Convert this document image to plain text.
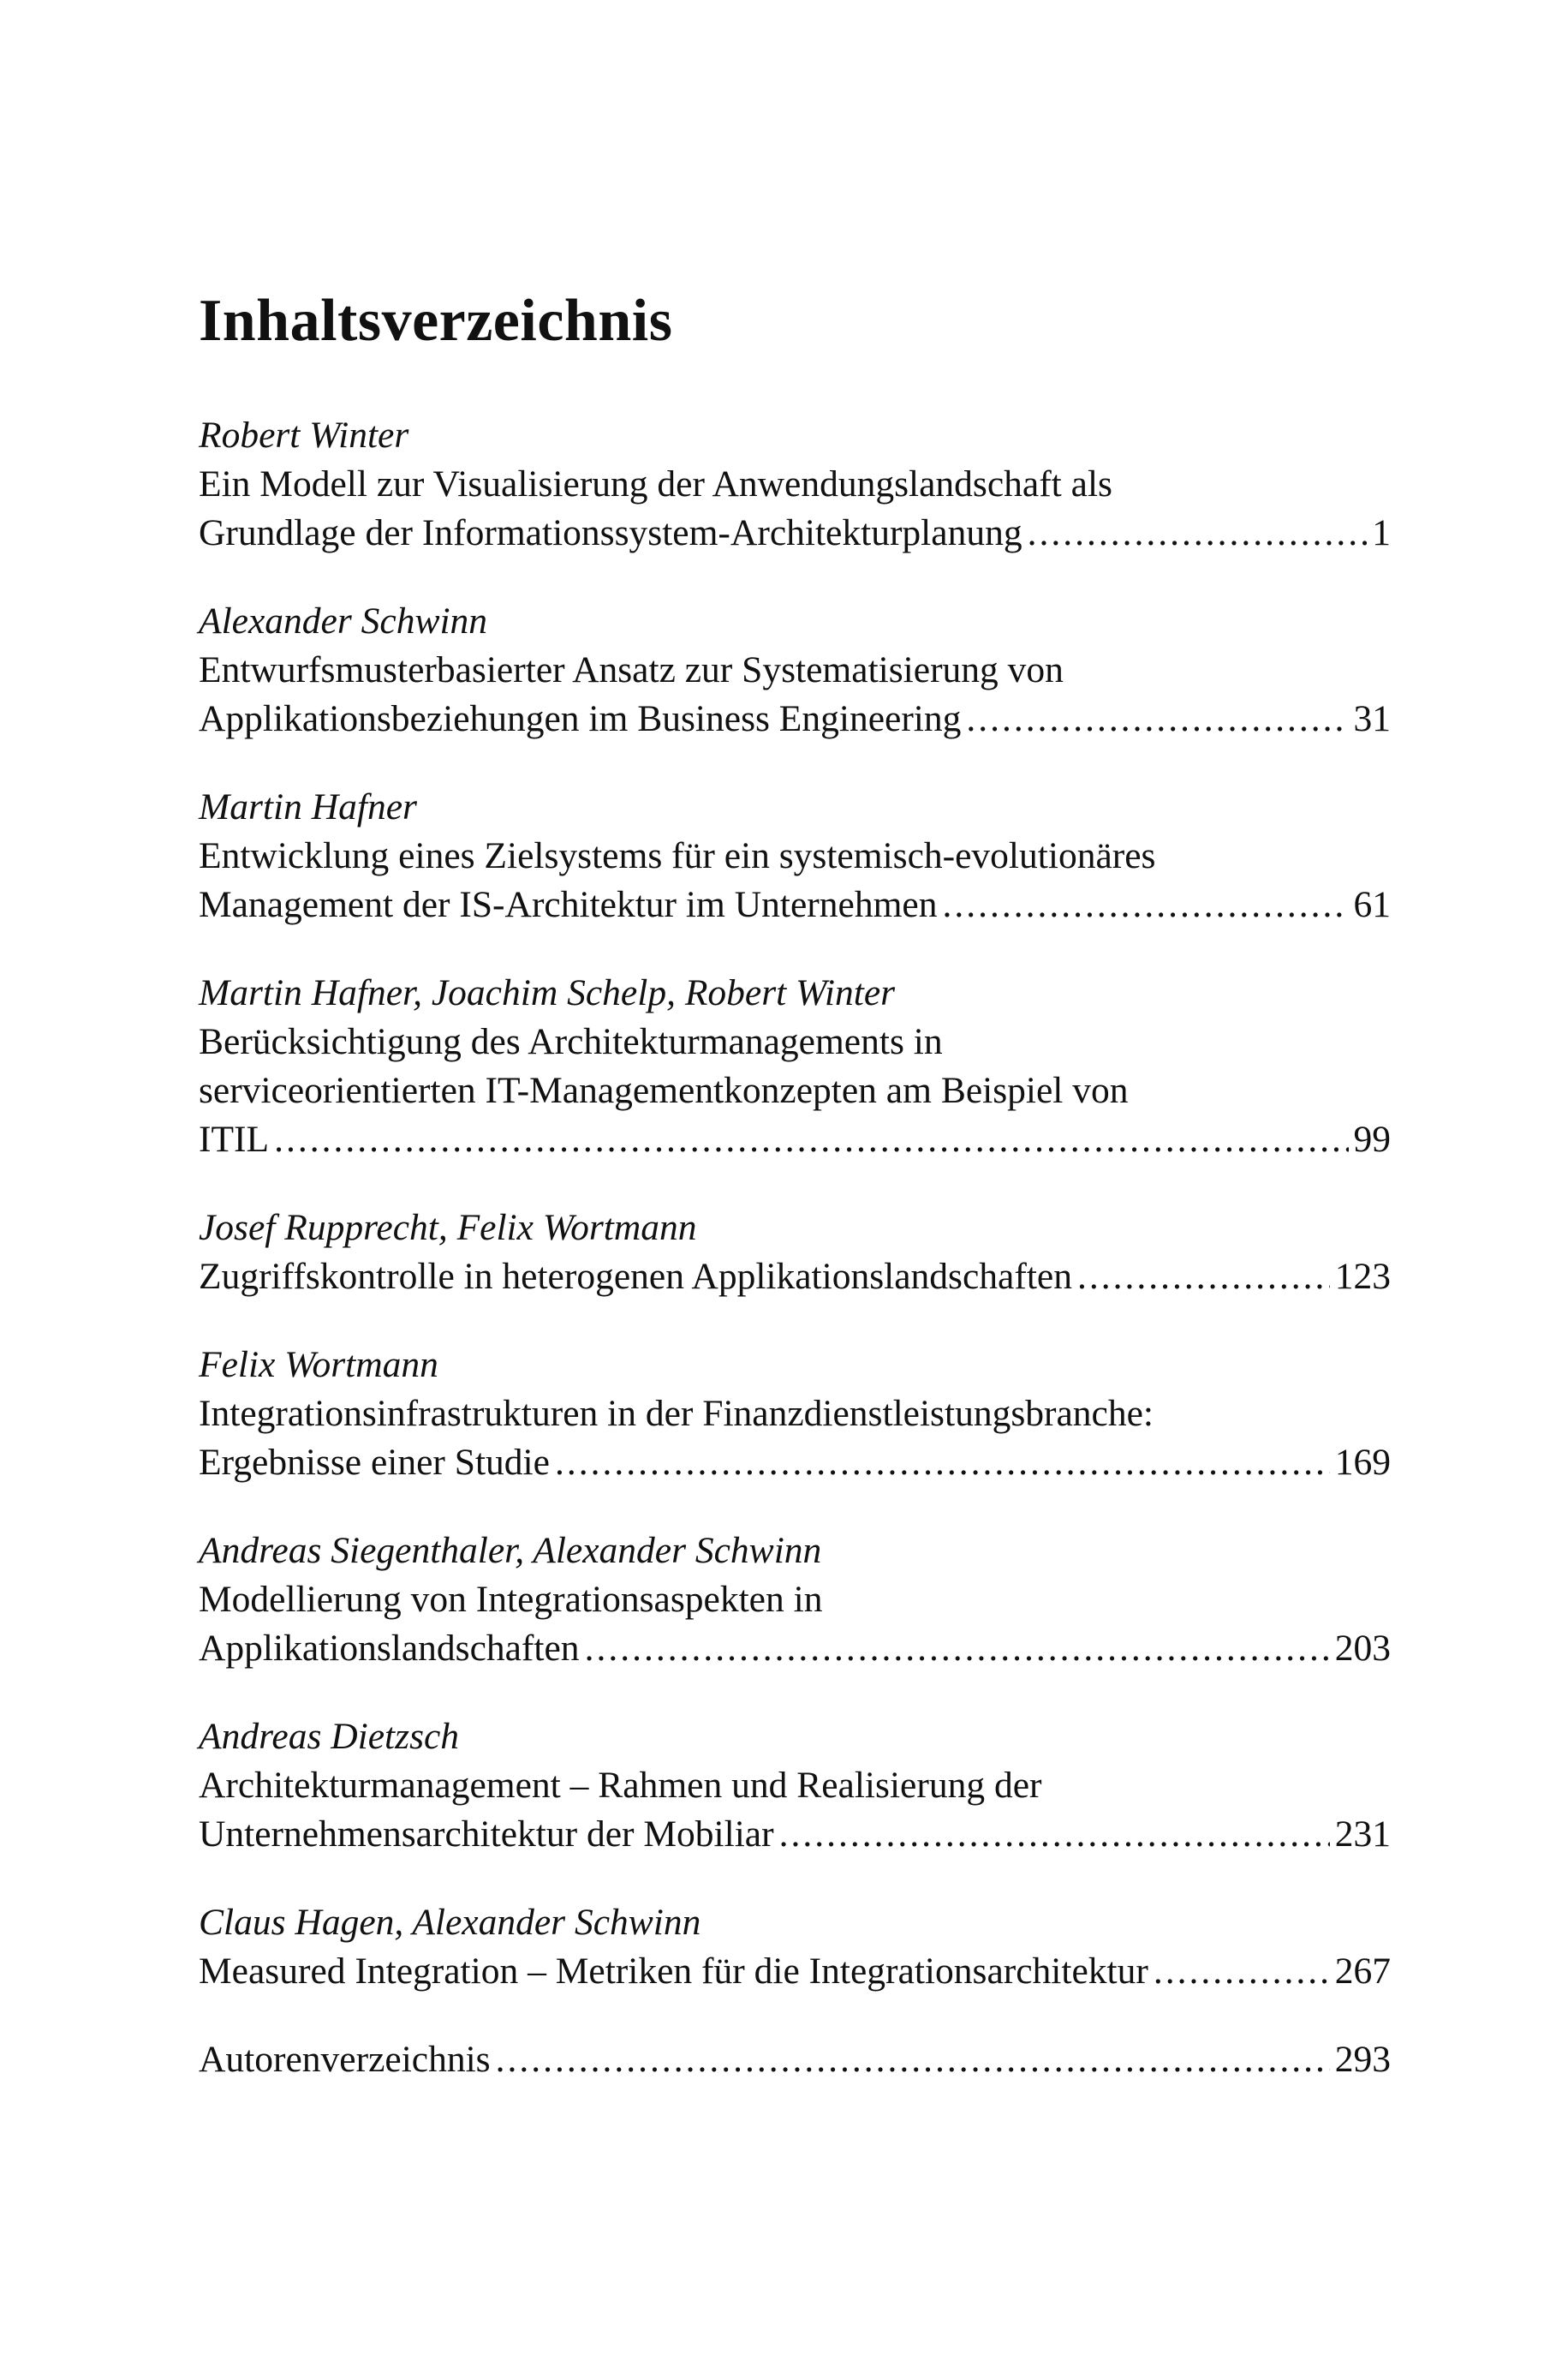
Inhaltsverzeichnis
Robert Winter
Ein Modell zur Visualisierung der Anwendungslandschaft als
Grundlage der Informationssystem-Architekturplanung .....	1
Alexander Schwinn
Entwurfsmusterbasierter Ansatz zur Systematisierung von
Applikationsbeziehungen im Business Engineering .....	31
Martin Hafner
Entwicklung eines Zielsystems für ein systemisch-evolutionäres
Management der IS-Architektur im Unternehmen .....	61
Martin Hafner, Joachim Schelp, Robert Winter
Berücksichtigung des Architekturmanagements in
serviceorientierten IT-Managementkonzepten am Beispiel von
ITIL .....	99
Josef Rupprecht, Felix Wortmann
Zugriffskontrolle in heterogenen Applikationslandschaften .....	123
Felix Wortmann
Integrationsinfrastrukturen in der Finanzdienstleistungsbranche:
Ergebnisse einer Studie .....	169
Andreas Siegenthaler, Alexander Schwinn
Modellierung von Integrationsaspekten in
Applikationslandschaften .....	203
Andreas Dietzsch
Architekturmanagement – Rahmen und Realisierung der
Unternehmensarchitektur der Mobiliar .....	231
Claus Hagen, Alexander Schwinn
Measured Integration – Metriken für die Integrationsarchitektur .....	267
Autorenverzeichnis .....	293
